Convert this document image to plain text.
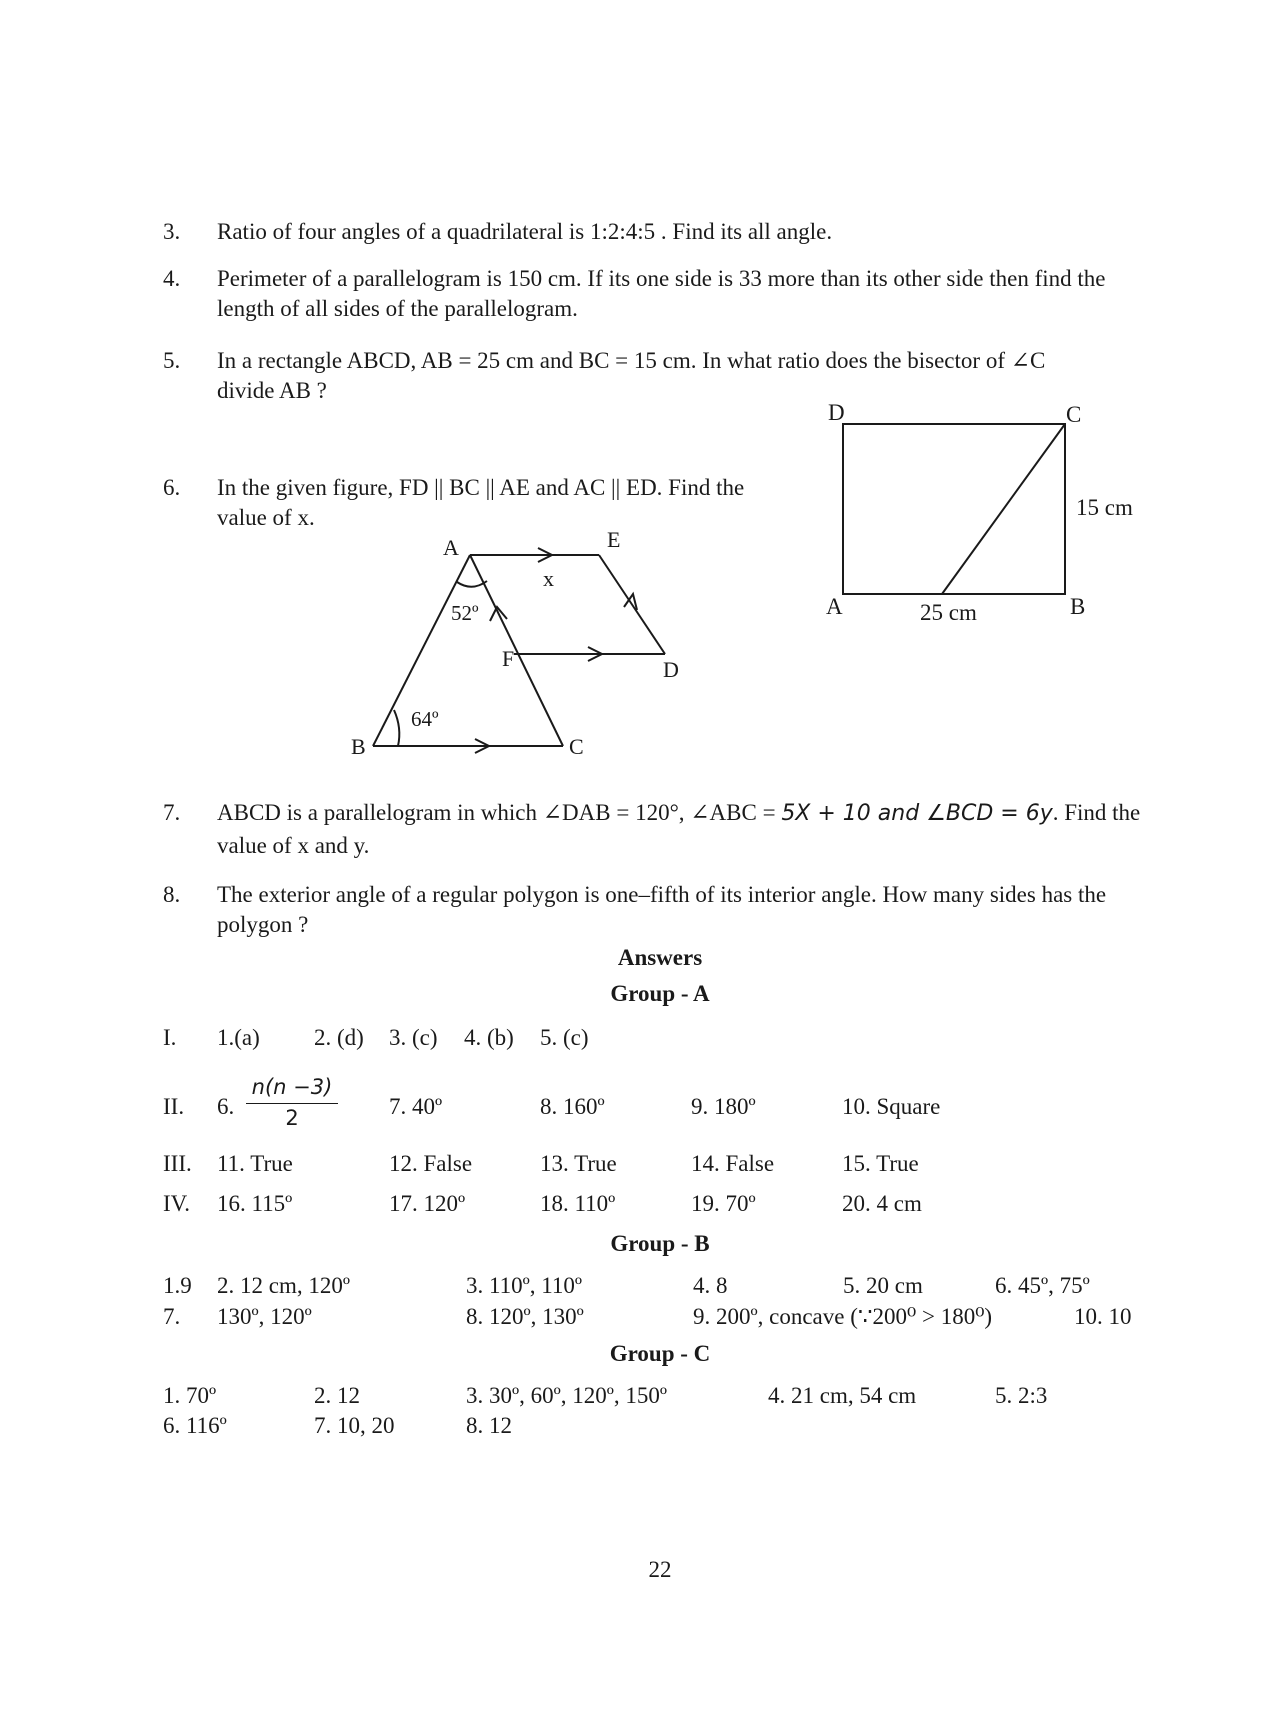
3. Ratio of four angles of a quadrilateral is 1:2:4:5 . Find its all angle.
4. Perimeter of a parallelogram is 150 cm. If its one side is 33 more than its other side then find the
length of all sides of the parallelogram.
5. In a rectangle ABCD, AB = 25 cm and BC = 15 cm. In what ratio does the bisector of ∠C
divide AB ?
6. In the given figure, FD || BC || AE and AC || ED. Find the
value of x.
D	C
A	B
15 cm
25 cm
A	E
x
52º
F	D
64º
B	C
7. ABCD is a parallelogram in which ∠DAB = 120°, ∠ABC = 5X + 10 and ∠BCD = 6y. Find the
value of x and y.
8. The exterior angle of a regular polygon is one–fifth of its interior angle. How many sides has the
polygon ?
Answers
Group - A
I. 1.(a) 2. (d) 3. (c) 4. (b) 5. (c)
II. 6.
n(n −3)
2	7. 40º	8. 160º	9. 180º	10. Square
III. 11. True	12. False	13. True	14. False	15. True
IV. 16. 115º	17. 120º	18. 110º	19. 70º	20. 4 cm
Group - B
1.9 2. 12 cm, 120º	3. 110º, 110º	4. 8	5. 20 cm	6. 45º, 75º
7. 130º, 120º	8. 120º, 130º	9. 200º, concave (∵200⁰ > 180⁰)	10. 10
Group - C
1. 70º	2. 12	3. 30º, 60º, 120º, 150º	4. 21 cm, 54 cm	5. 2:3
6. 116º	7. 10, 20	8. 12
22
